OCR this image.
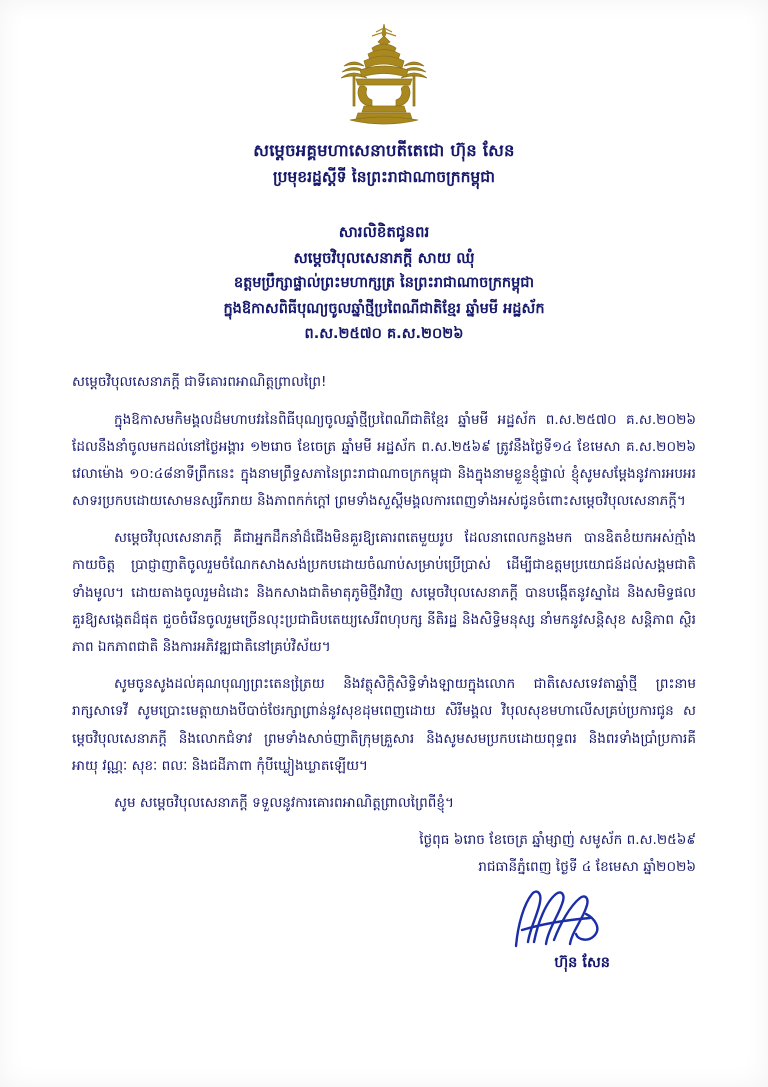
សម្តេចអគ្គមហាសេនាបតីតេជោ ហ៊ុន សែន
ប្រមុខរដ្ឋស្តីទី នៃព្រះរាជាណាចក្រកម្ពុជា
សារលិខិតជូនពរ
សម្តេចវិបុលសេនាភក្តី សាយ ឈុំ
ឧត្តមប្រឹក្សាផ្ទាល់ព្រះមហាក្សត្រ នៃព្រះរាជាណាចក្រកម្ពុជា
ក្នុងឱកាសពិធីបុណ្យចូលឆ្នាំថ្មីប្រពៃណីជាតិខ្មែរ ឆ្នាំមមី អដ្ឋស័ក
ព.ស.២៥៧០ គ.ស.២០២៦
សម្តេចវិបុលសេនាភក្តី ជាទីគោរពអាណិត្តព្រាលព្រៃ!
ក្នុងឱកាសមកិមង្គលដ៏មហាបវរនៃពិធីបុណ្យចូលឆ្នាំថ្មីប្រពៃណីជាតិខ្មែរ ឆ្នាំមមី អដ្ឋស័ក ព.ស.២៥៧០ គ.ស.២០២៦ ដែលនឹងនាំចូលមកដល់នៅថ្ងៃអង្គារ ១២រោច ខែចេត្រ ឆ្នាំមមី អដ្ឋស័ក ព.ស.២៥៦៩ ត្រូវនឹងថ្ងៃទី១៤ ខែមេសា គ.ស.២០២៦ វេលាម៉ោង ១០:៤៨នាទីព្រឹកនេះ ក្នុងនាមព្រឹទ្ធសភានៃព្រះរាជាណាចក្រកម្ពុជា និងក្នុងនាមខ្លួនខ្ញុំផ្ទាល់ ខ្ញុំសូមសម្តែងនូវការអបអរសាទរប្រកបដោយសោមនស្សរីករាយ និងភាពកក់ក្តៅ ព្រមទាំងសួស្តីមង្គលការពេញទាំងអស់ជូនចំពោះសម្តេចវិបុលសេនាភក្តី។
សម្តេចវិបុលសេនាភក្តី គឺជាអ្នកដឹកនាំដ៏ជើងមិនគួរឱ្យគោរពតេមួយរូប ដែលនាពេលកន្លងមក បានឧិតខំយកអស់ក្មាំងកាយចិត្ត ប្រាជ្ញាញាតិចូលរួមចំណែកសាងសង់ប្រកបដោយចំណាប់សម្រាប់ប្រើប្រាស់ ដើម្បីជាឧត្តមប្រយោជន៍ដល់សង្គមជាតិទាំងមូល។ ដោយតាងចូលរួមដំដោះ និងកសាងជាតិមាតុភូមិថ្មីវាវិញ សម្តេចវិបុលសេនាភក្តី បានបង្កើតនូវស្នាដៃ និងសមិទ្ធផលគួរឱ្យសង្កេតដ៏ផុត ជួចចំរើនចូលរួមច្រើនលុះប្រជាធិបតេយ្យសេរីពហុបក្ស នីតិរដ្ឋ និងសិទ្ធិមនុស្ស នាំមកនូវសន្តិសុខ សន្តិភាព ស្ថិរភាព ឯកភាពជាតិ និងការអភិវឌ្ឍជាតិនៅគ្រប់វិស័យ។
សូមចូនសូងដល់គុណបុណ្យព្រះតេនត្រៃ្រយ និងវត្ថុសិក្តិសិទ្ធិទាំងឡាយក្នុងលោក ជាតិសេសទេវតាឆ្នាំថ្មី ព្រះនាម រាក្សសាទេវី សូមប្រោះមេត្តាយាងបីបាច់ថែរក្សាព្រាន់នូវសុខដុមពេញដោយ សិរីមង្គល វិបុលសុខមហាលើសគ្រប់ប្រការជូន សម្តេចវិបុលសេនាភក្តី និងលោកជំទាវ ព្រមទាំងសាច់ញាតិក្រុមគ្រួសារ និងសូមសមប្រកបដោយពុទ្ធពរ និងពរទាំងប្រាំប្រការគី អាយុ វណ្ណៈ សុខៈ ពលៈ និងជដីភាពា កុំបីឃ្លៀងឃ្លាតឡើយ។
សូម សម្តេចវិបុលសេនាភក្តី ទទួលនូវការគោរពអាណិត្តព្រាលព្រៃពីខ្ញុំ។
ថ្ងៃពុធ ៦រោច ខែចេត្រ ឆ្នាំម្សាញ់ សមូស័ក ព.ស.២៥៦៩
រាជធានីភ្នំពេញ ថ្ងៃទី ៤ ខែមេសា ឆ្នាំ២០២៦
ហ៊ុន សែន
